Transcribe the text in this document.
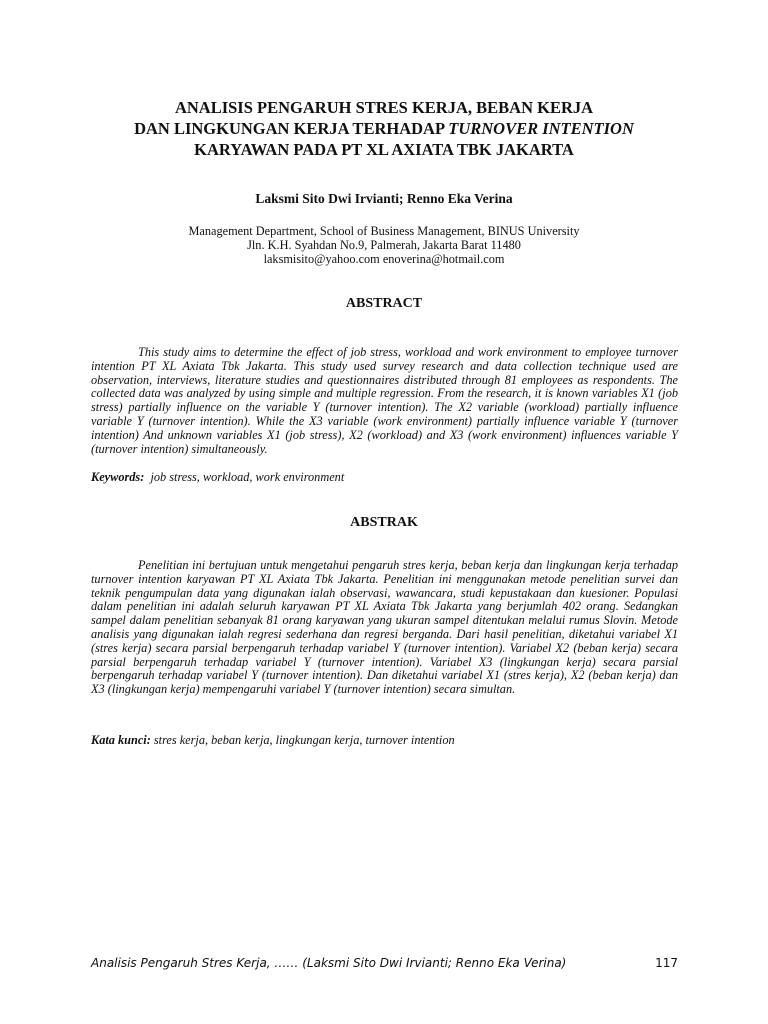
ANALISIS PENGARUH STRES KERJA, BEBAN KERJA
DAN LINGKUNGAN KERJA TERHADAP TURNOVER INTENTION
KARYAWAN PADA PT XL AXIATA TBK JAKARTA
Laksmi Sito Dwi Irvianti; Renno Eka Verina
Management Department, School of Business Management, BINUS University
Jln. K.H. Syahdan No.9, Palmerah, Jakarta Barat 11480
laksmisito@yahoo.com enoverina@hotmail.com
ABSTRACT

This study aims to determine the effect of job stress, workload and work environment to employee turnover intention PT XL Axiata Tbk Jakarta. This study used survey research and data collection technique used are observation, interviews, literature studies and questionnaires distributed through 81 employees as respondents. The collected data was analyzed by using simple and multiple regression. From the research, it is known variables X1 (job stress) partially influence on the variable Y (turnover intention). The X2 variable (workload) partially influence variable Y (turnover intention). While the X3 variable (work environment) partially influence variable Y (turnover intention) And unknown variables X1 (job stress), X2 (workload) and X3 (work environment) influences variable Y (turnover intention) simultaneously.

Keywords: job stress, workload, work environment

ABSTRAK

Penelitian ini bertujuan untuk mengetahui pengaruh stres kerja, beban kerja dan lingkungan kerja terhadap turnover intention karyawan PT XL Axiata Tbk Jakarta. Penelitian ini menggunakan metode penelitian survei dan teknik pengumpulan data yang digunakan ialah observasi, wawancara, studi kepustakaan dan kuesioner. Populasi dalam penelitian ini adalah seluruh karyawan PT XL Axiata Tbk Jakarta yang berjumlah 402 orang. Sedangkan sampel dalam penelitian sebanyak 81 orang karyawan yang ukuran sampel ditentukan melalui rumus Slovin. Metode analisis yang digunakan ialah regresi sederhana dan regresi berganda. Dari hasil penelitian, diketahui variabel X1 (stres kerja) secara parsial berpengaruh terhadap variabel Y (turnover intention). Variabel X2 (beban kerja) secara parsial berpengaruh terhadap variabel Y (turnover intention). Variabel X3 (lingkungan kerja) secara parsial berpengaruh terhadap variabel Y (turnover intention). Dan diketahui variabel X1 (stres kerja), X2 (beban kerja) dan X3 (lingkungan kerja) mempengaruhi variabel Y (turnover intention) secara simultan.

Kata kunci: stres kerja, beban kerja, lingkungan kerja, turnover intention

Analisis Pengaruh Stres Kerja, …… (Laksmi Sito Dwi Irvianti; Renno Eka Verina)	117
